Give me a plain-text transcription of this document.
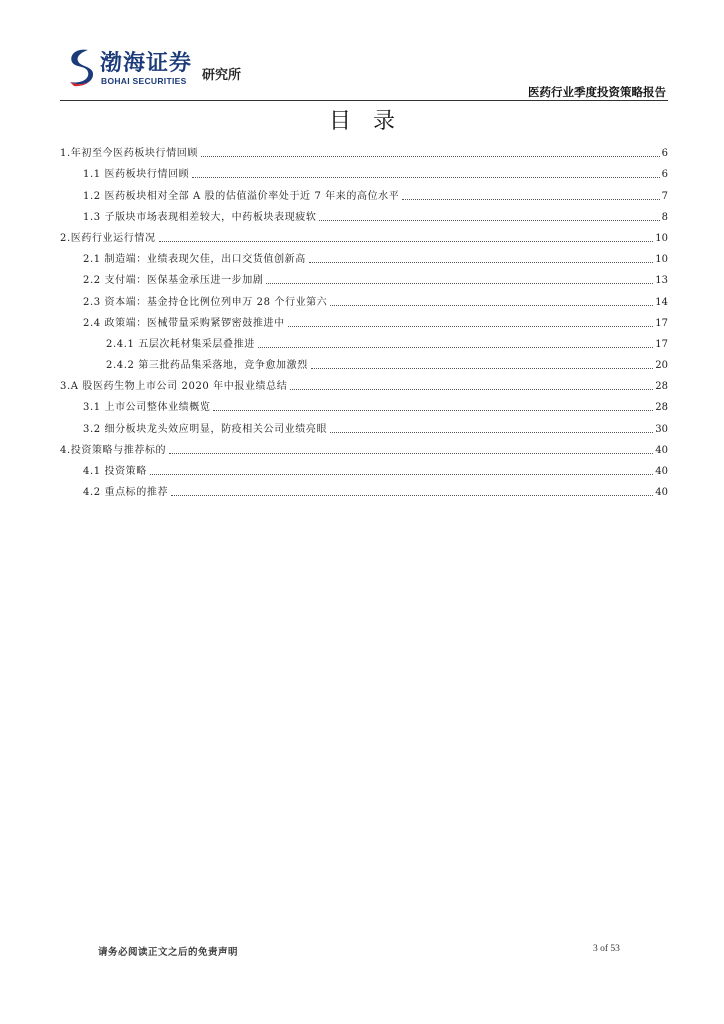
渤海证券
BOHAI SECURITIES 研究所
医药行业季度投资策略报告
目录
1.年初至今医药板块行情回顾	6
1.1 医药板块行情回顾	6
1.2 医药板块相对全部 A 股的估值溢价率处于近 7 年来的高位水平	7
1.3 子版块市场表现相差较大，中药板块表现疲软	8
2.医药行业运行情况	10
2.1 制造端：业绩表现欠佳，出口交货值创新高	10
2.2 支付端：医保基金承压进一步加剧	13
2.3 资本端：基金持仓比例位列申万 28 个行业第六	14
2.4 政策端：医械带量采购紧锣密鼓推进中	17
2.4.1 五层次耗材集采层叠推进	17
2.4.2 第三批药品集采落地，竞争愈加激烈	20
3.A 股医药生物上市公司 2020 年中报业绩总结	28
3.1 上市公司整体业绩概览	28
3.2 细分板块龙头效应明显，防疫相关公司业绩亮眼	30
4.投资策略与推荐标的	40
4.1 投资策略	40
4.2 重点标的推荐	40
请务必阅读正文之后的免责声明	3 of 53
